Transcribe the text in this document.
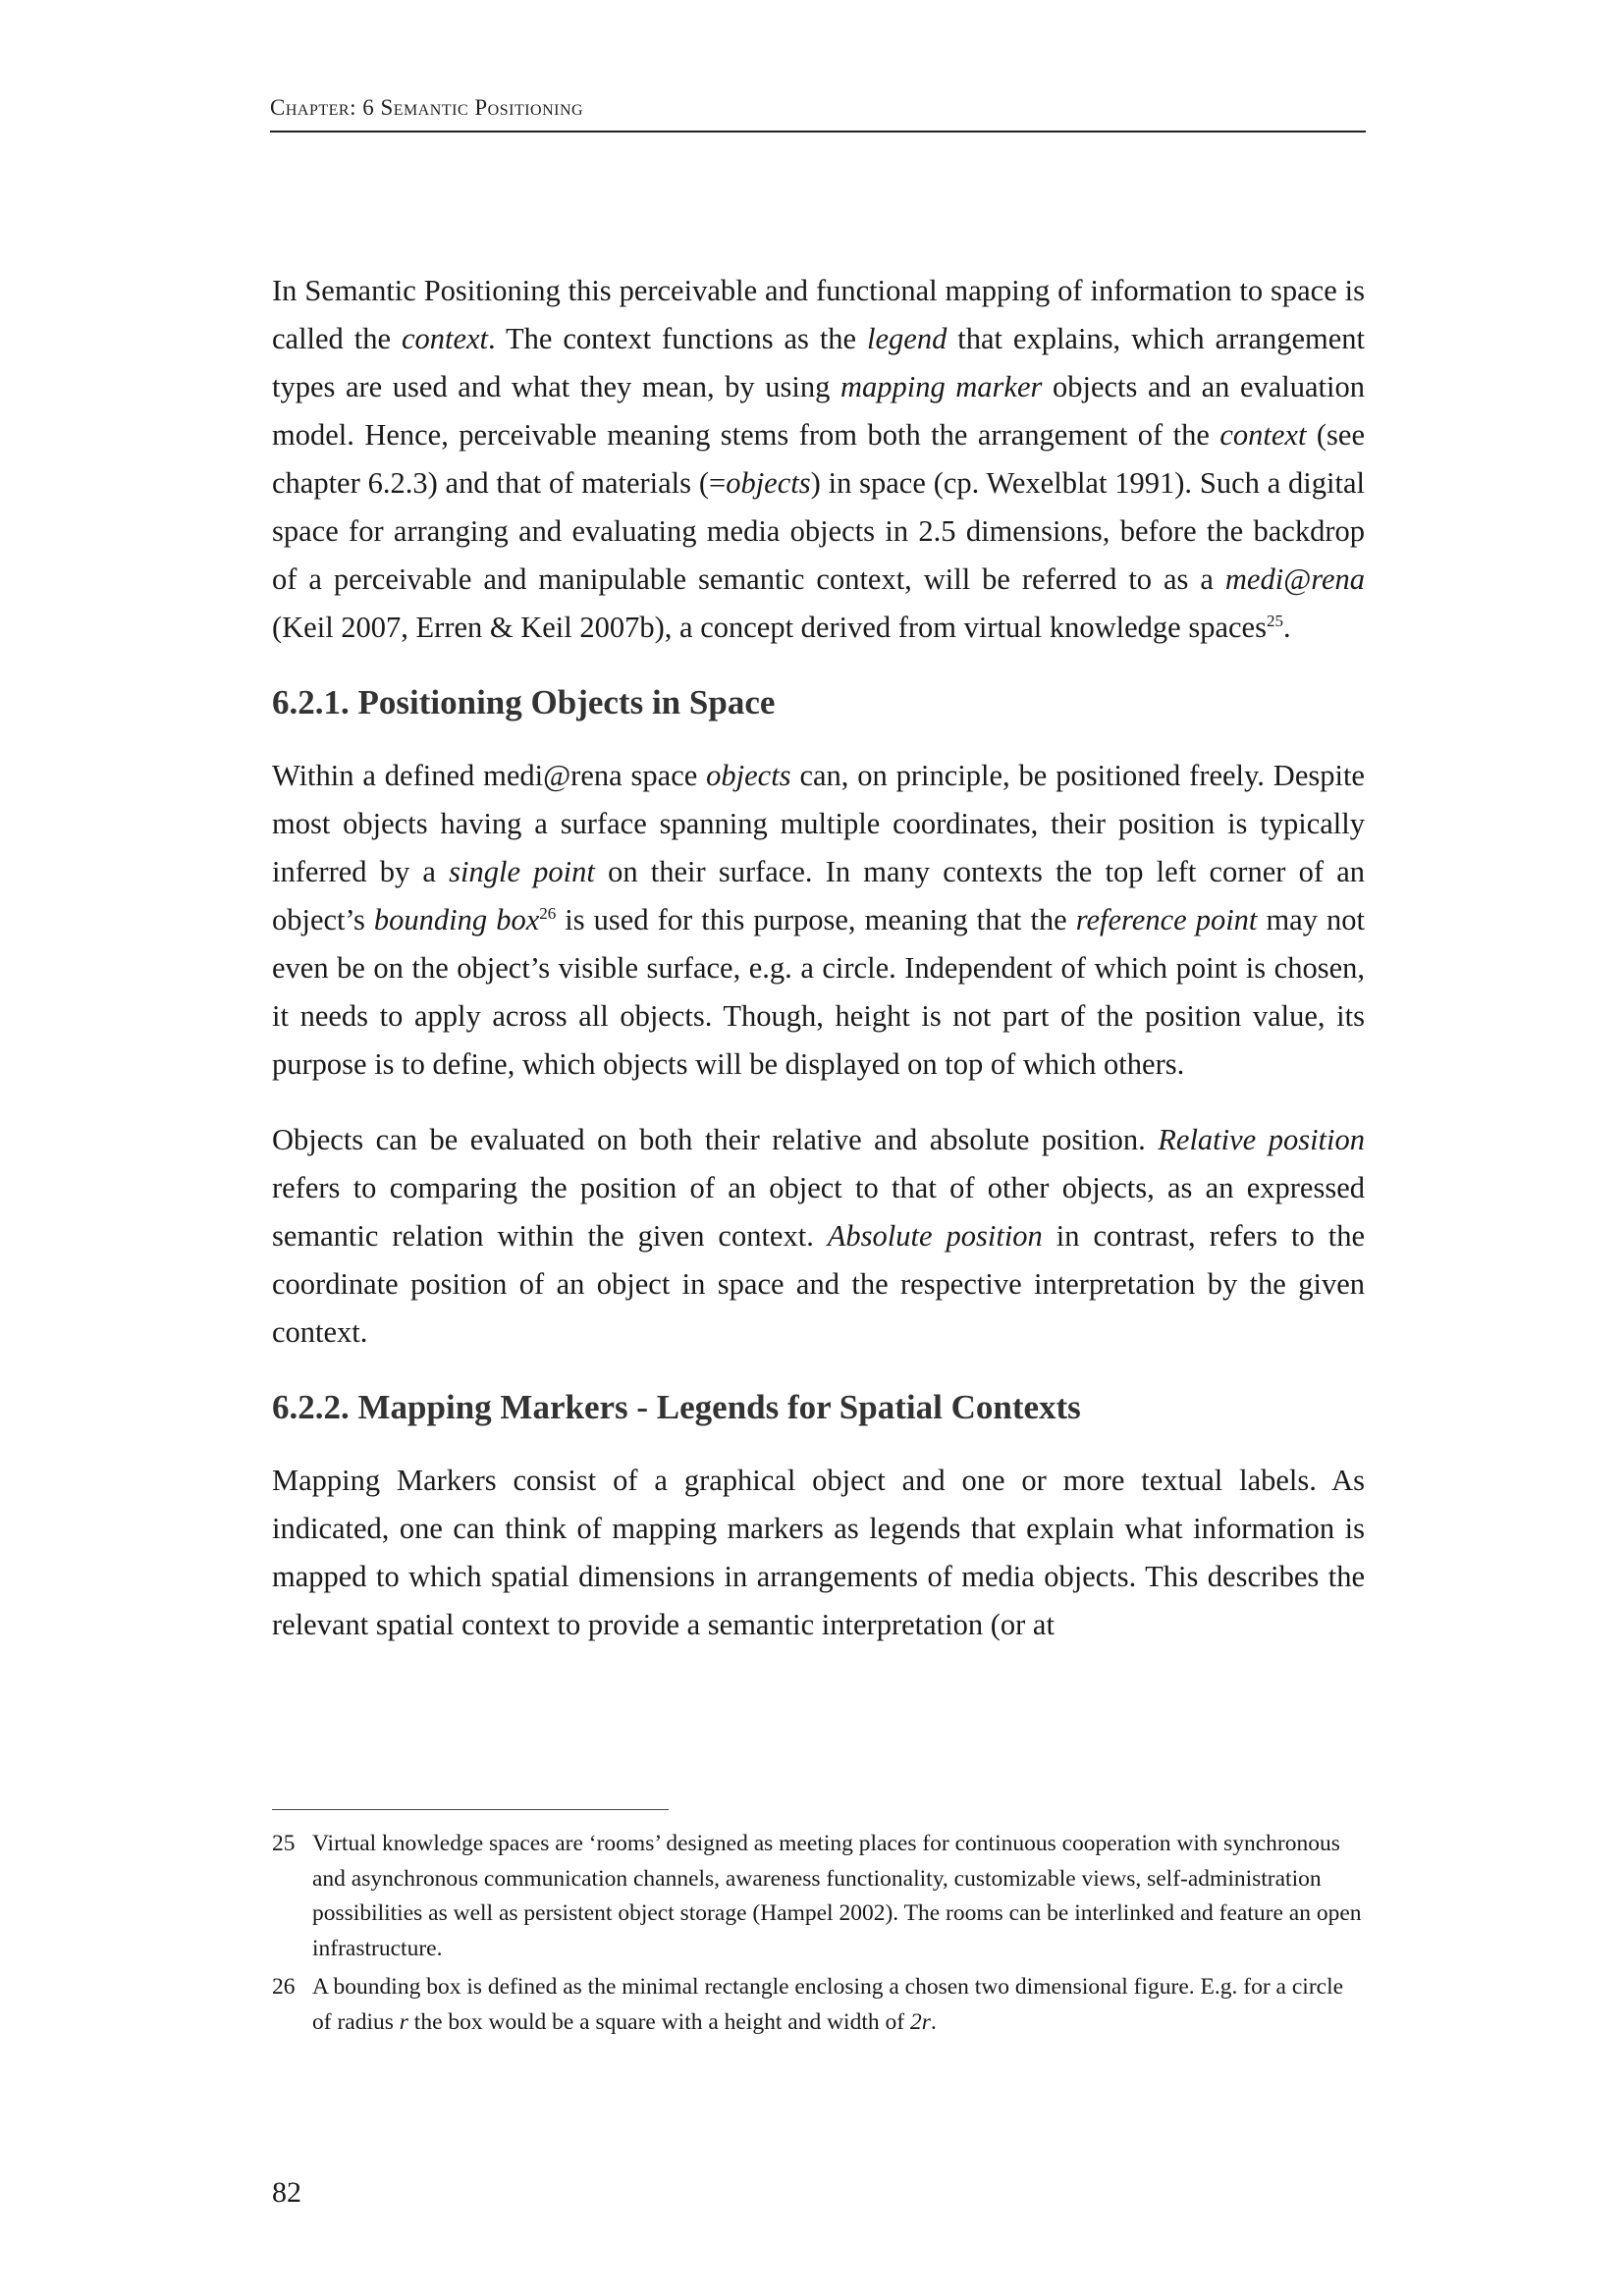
Chapter: 6 Semantic Positioning

In Semantic Positioning this perceivable and functional mapping of information to space is called the context. The context functions as the legend that explains, which arrangement types are used and what they mean, by using mapping marker objects and an evaluation model. Hence, perceivable meaning stems from both the arrangement of the context (see chapter 6.2.3) and that of materials (=objects) in space (cp. Wexelblat 1991). Such a digital space for arranging and evaluating media objects in 2.5 dimensions, before the backdrop of a perceivable and manipulable semantic context, will be referred to as a medi@rena (Keil 2007, Erren & Keil 2007b), a concept derived from virtual knowledge spaces$^{25}$.

6.2.1. Positioning Objects in Space

Within a defined medi@rena space objects can, on principle, be positioned freely. Despite most objects having a surface spanning multiple coordinates, their position is typically inferred by a single point on their surface. In many contexts the top left corner of an object’s bounding box$^{26}$ is used for this purpose, meaning that the reference point may not even be on the object’s visible surface, e.g. a circle. Independent of which point is chosen, it needs to apply across all objects. Though, height is not part of the position value, its purpose is to define, which objects will be displayed on top of which others.

Objects can be evaluated on both their relative and absolute position. Relative position refers to comparing the position of an object to that of other objects, as an expressed semantic relation within the given context. Absolute position in contrast, refers to the coordinate position of an object in space and the respective interpretation by the given context.

6.2.2. Mapping Markers - Legends for Spatial Contexts

Mapping Markers consist of a graphical object and one or more textual labels. As indicated, one can think of mapping markers as legends that explain what information is mapped to which spatial dimensions in arrangements of media objects. This describes the relevant spatial context to provide a semantic interpretation (or at

25 Virtual knowledge spaces are ‘rooms’ designed as meeting places for continuous cooperation with synchronous and asynchronous communication channels, awareness functionality, customizable views, self-administration possibilities as well as persistent object storage (Hampel 2002). The rooms can be interlinked and feature an open infrastructure.

26 A bounding box is defined as the minimal rectangle enclosing a chosen two dimensional figure. E.g. for a circle of radius r the box would be a square with a height and width of 2r.

82
